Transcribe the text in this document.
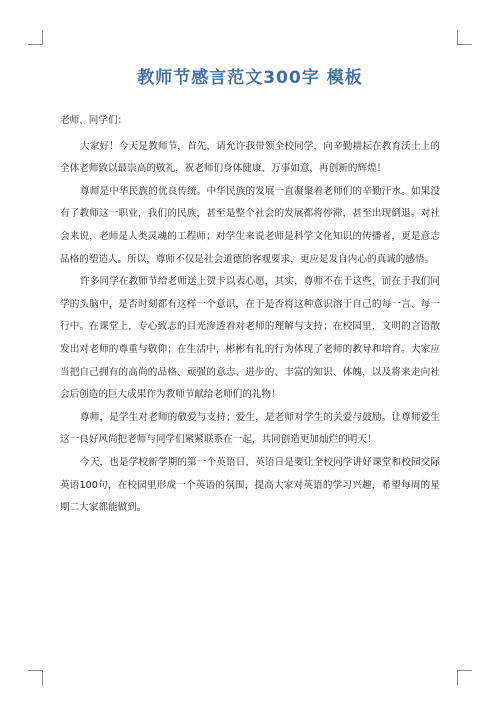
教师节感言范文300字 模板

老师、同学们：

大家好！今天是教师节，首先，请允许我带领全校同学，向辛勤耕耘在教育沃土上的全体老师致以最崇高的敬礼，祝老师们身体健康、万事如意，再创新的辉煌！

尊师是中华民族的优良传统。中华民族的发展一直凝聚着老师们的辛勤汗水。如果没有了教师这一职业，我们的民族，甚至是整个社会的发展都将停滞，甚至出现倒退。对社会来说，老师是人类灵魂的工程师；对学生来说老师是科学文化知识的传播者，更是意志品格的塑造人。所以，尊师不仅是社会道德的客观要求，更应是发自内心的真诚的感悟。

许多同学在教师节给老师送上贺卡以表心愿，其实，尊师不在于这些，而在于我们同学的头脑中，是否时刻都有这样一个意识，在于是否将这种意识溶于自己的每一言、每一行中。在课堂上，专心致志的目光渗透着对老师的理解与支持；在校园里，文明的言语散发出对老师的尊重与敬仰；在生活中，彬彬有礼的行为体现了老师的教导和培育。大家应当把自己拥有的高尚的品格、顽强的意志、进步的、丰富的知识、体魄，以及将来走向社会后创造的巨大成果作为教师节献给老师们的礼物！

尊师，是学生对老师的敬爱与支持；爱生，是老师对学生的关爱与鼓励。让尊师爱生这一良好风尚把老师与同学们紧紧联系在一起，共同创造更加灿烂的明天！

今天，也是学校新学期的第一个英语日，英语日是要让全校同学讲好课堂和校园交际英语100句，在校园里形成一个英语的氛围，提高大家对英语的学习兴趣，希望每周的星期二大家都能做到。
